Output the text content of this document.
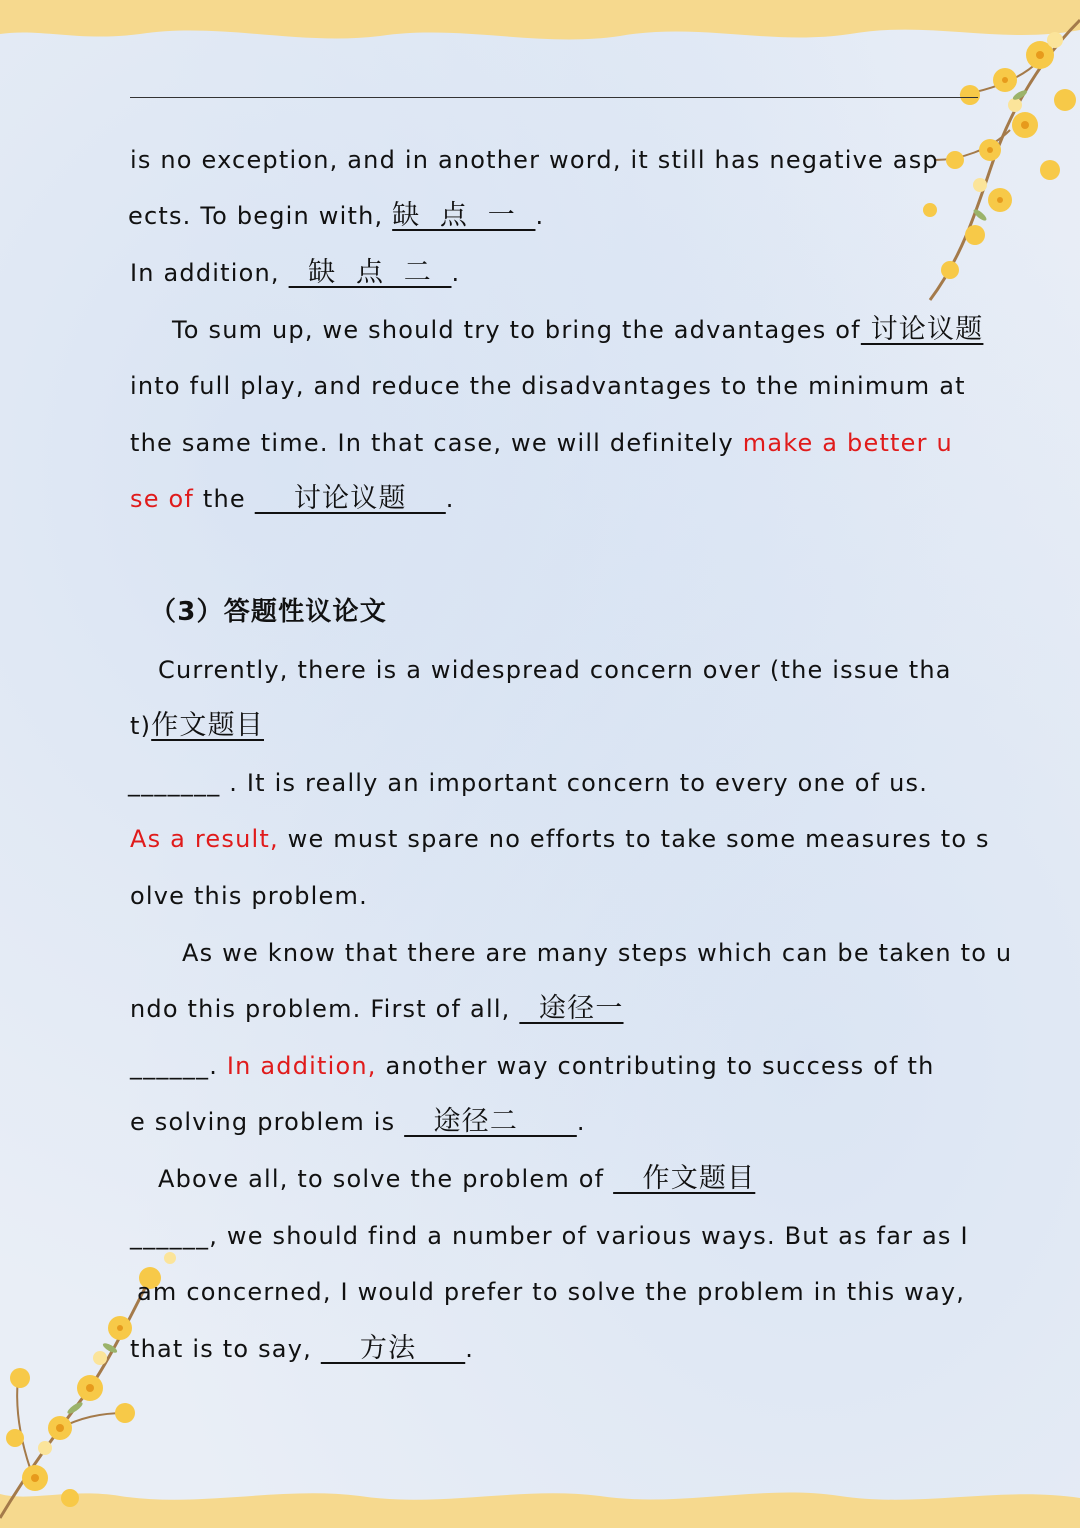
is no exception, and in another word, it still has negative asp
ects. To begin with, 缺  点  一  .
In addition,   缺  点  二  .
To sum up, we should try to bring the advantages of 讨论议题
into full play, and reduce the disadvantages to the minimum at
the same time. In that case, we will definitely make a better u
se of the     讨论议题    .
（3）答题性议论文
Currently, there is a widespread concern over (the issue tha
t)作文题目
_______ . It is really an important concern to every one of us.
As a result, we must spare no efforts to take some measures to s
olve this problem.
As we know that there are many steps which can be taken to u
ndo this problem. First of all,   途径一
______. In addition, another way contributing to success of th
e solving problem is    途径二      .
Above all, to solve the problem of    作文题目
______, we should find a number of various ways. But as far as I
am concerned, I would prefer to solve the problem in this way,
that is to say,     方法     .
